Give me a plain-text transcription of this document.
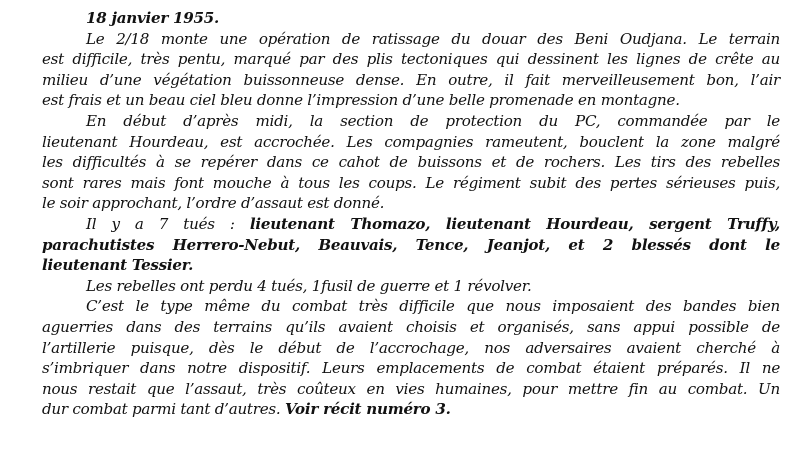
18 janvier 1955.
Le 2/18 monte une opération de ratissage du douar des Beni Oudjana. Le terrain
est difficile, très pentu, marqué par des plis tectoniques qui dessinent les lignes de crête au
milieu d’une végétation buissonneuse dense. En outre, il fait merveilleusement bon, l’air
est frais et un beau ciel bleu donne l’impression d’une belle promenade en montagne.
En début d’après midi, la section de protection du PC, commandée par le
lieutenant Hourdeau, est accrochée. Les compagnies rameutent, bouclent la zone malgré
les difficultés à se repérer dans ce cahot de buissons et de rochers. Les tirs des rebelles
sont rares mais font mouche à tous les coups. Le régiment subit des pertes sérieuses puis,
le soir approchant, l’ordre d’assaut est donné.
Il y a 7 tués : lieutenant Thomazo, lieutenant Hourdeau, sergent Truffy,
parachutistes Herrero-Nebut, Beauvais, Tence, Jeanjot, et 2 blessés dont le
lieutenant Tessier.
Les rebelles ont perdu 4 tués, 1fusil de guerre et 1 révolver.
C’est le type même du combat très difficile que nous imposaient des bandes bien
aguerries dans des terrains qu’ils avaient choisis et organisés, sans appui possible de
l’artillerie puisque, dès le début de l’accrochage, nos adversaires avaient cherché à
s’imbriquer dans notre dispositif. Leurs emplacements de combat étaient préparés. Il ne
nous restait que l’assaut, très coûteux en vies humaines, pour mettre fin au combat. Un
dur combat parmi tant d’autres. Voir récit numéro 3.
